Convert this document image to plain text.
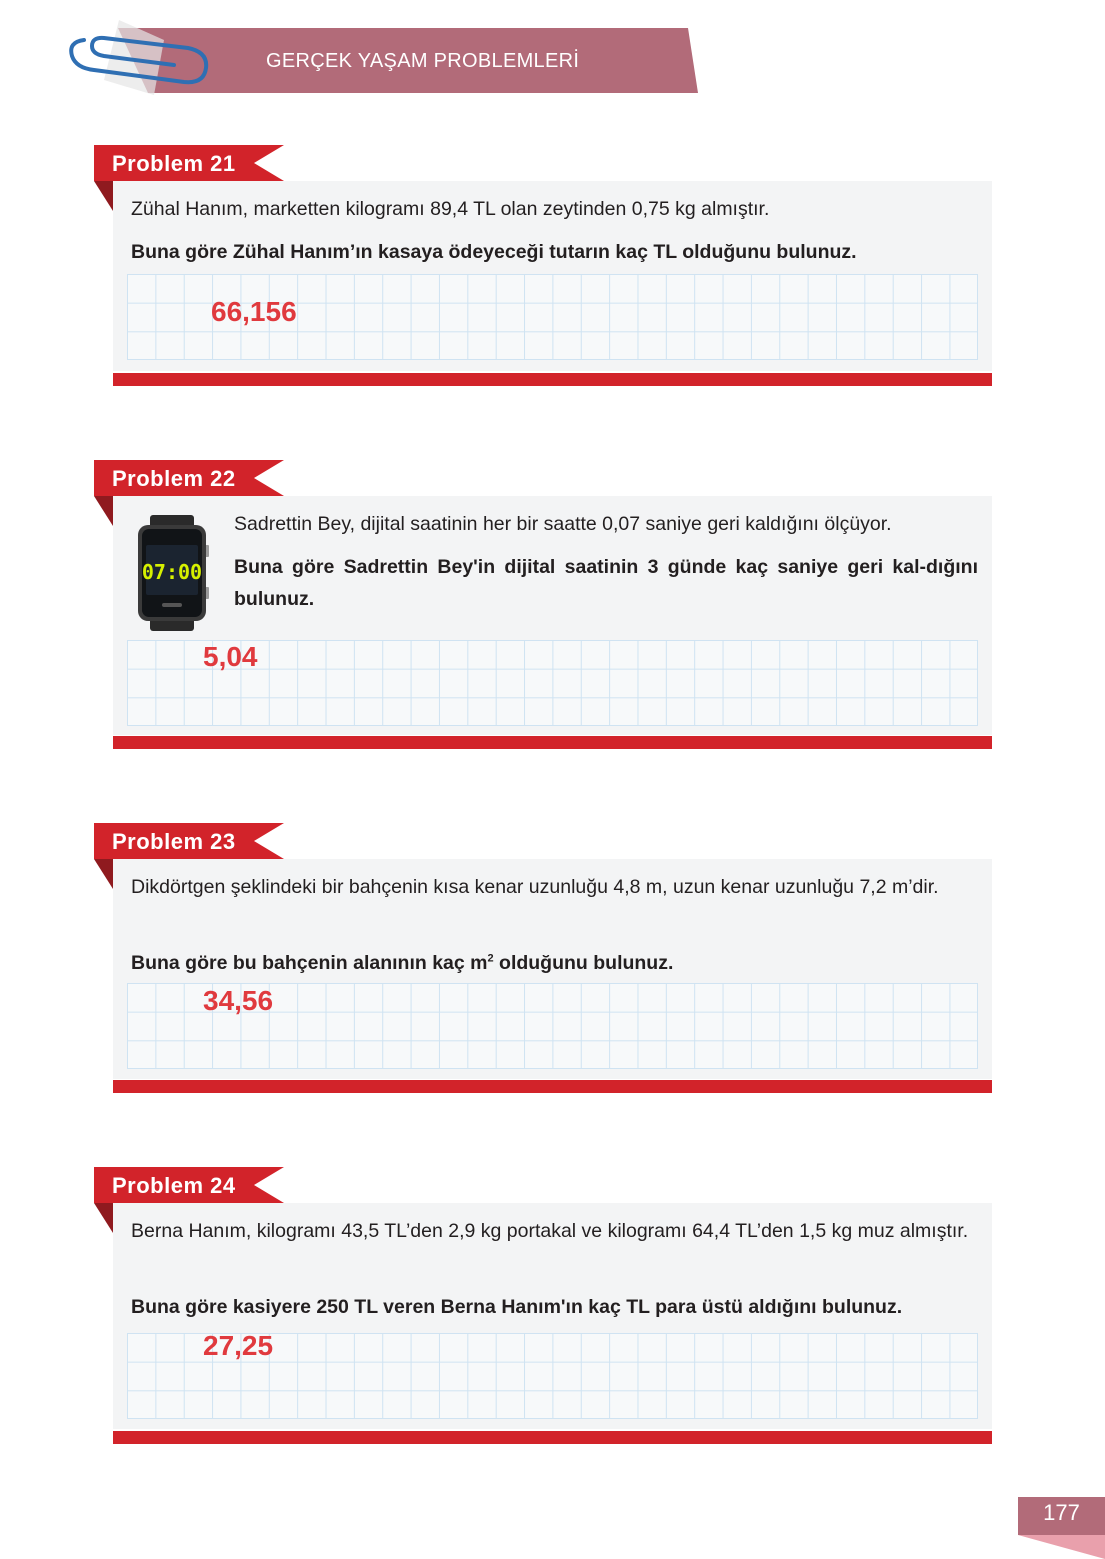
GERÇEK YAŞAM PROBLEMLERİ
Zühal Hanım, marketten kilogramı 89,4 TL olan zeytinden 0,75 kg almıştır.
Buna göre Zühal Hanım’ın kasaya ödeyeceği tutarın kaç TL olduğunu bulunuz.
66,156
Problem 21
Sadrettin Bey, dijital saatinin her bir saatte 0,07 saniye geri kaldığını ölçüyor.
Buna göre Sadrettin Bey'in dijital saatinin 3 günde kaç saniye geri kal-dığını bulunuz.
5,04
Problem 22
07:00
Dikdörtgen şeklindeki bir bahçenin kısa kenar uzunluğu 4,8 m, uzun kenar uzunluğu 7,2 m’dir.
Buna göre bu bahçenin alanının kaç $m^2$ olduğunu bulunuz.
34,56
Problem 23
Berna Hanım, kilogramı 43,5 TL’den 2,9 kg portakal ve kilogramı 64,4 TL’den 1,5 kg muz almıştır.
Buna göre kasiyere 250 TL veren Berna Hanım'ın kaç TL para üstü aldığını bulunuz.
27,25
Problem 24
177
